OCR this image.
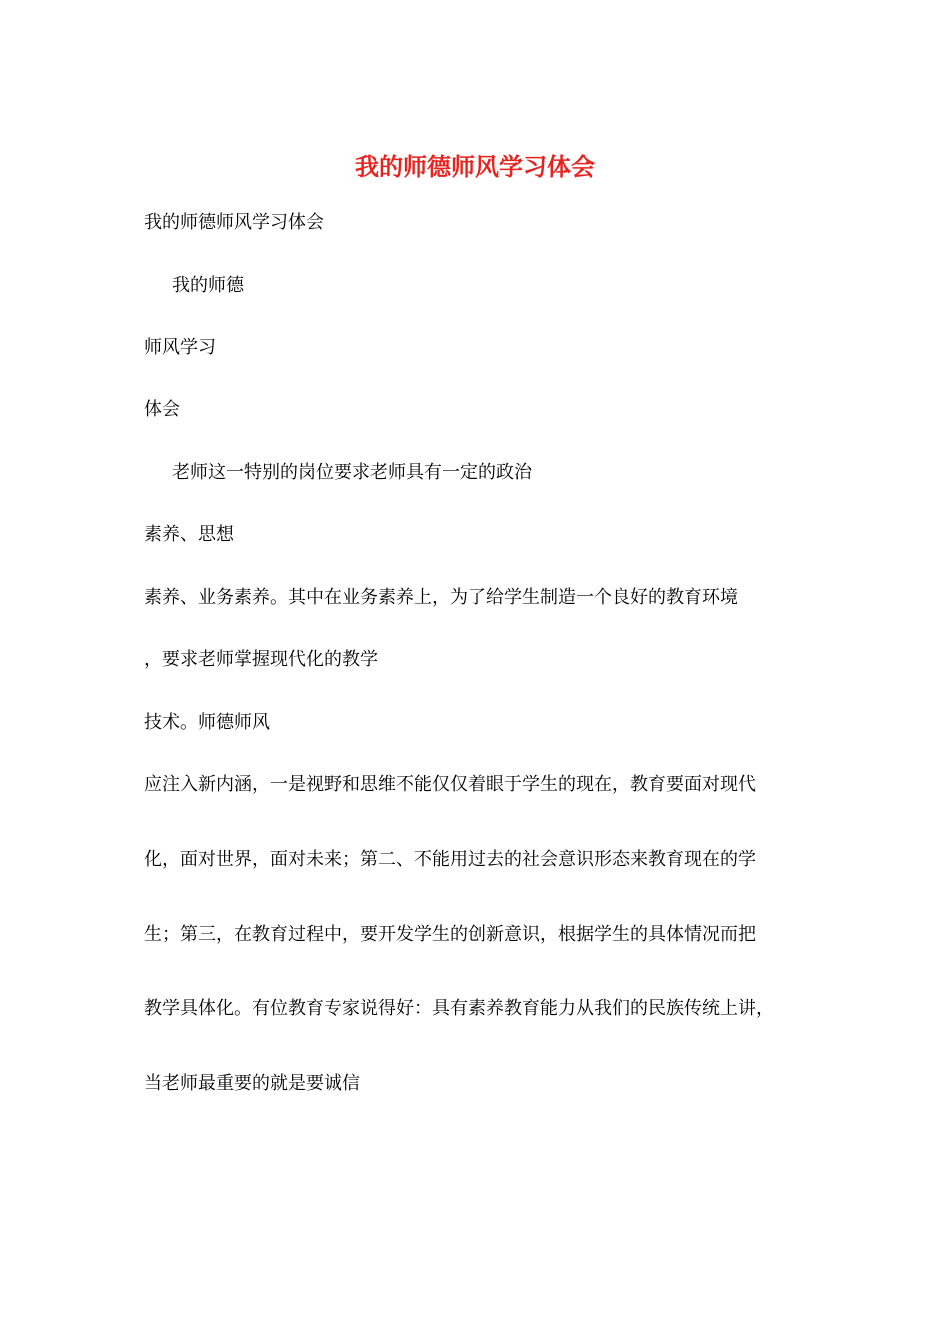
我的师德师风学习体会
我的师德师风学习体会
我的师德
师风学习
体会
老师这一特别的岗位要求老师具有一定的政治
素养、思想
素养、业务素养。其中在业务素养上，为了给学生制造一个良好的教育环境
，要求老师掌握现代化的教学
技术。师德师风
应注入新内涵，一是视野和思维不能仅仅着眼于学生的现在，教育要面对现代
化，面对世界，面对未来；第二、不能用过去的社会意识形态来教育现在的学
生；第三，在教育过程中，要开发学生的创新意识，根据学生的具体情况而把
教学具体化。有位教育专家说得好：具有素养教育能力从我们的民族传统上讲，
当老师最重要的就是要诚信
